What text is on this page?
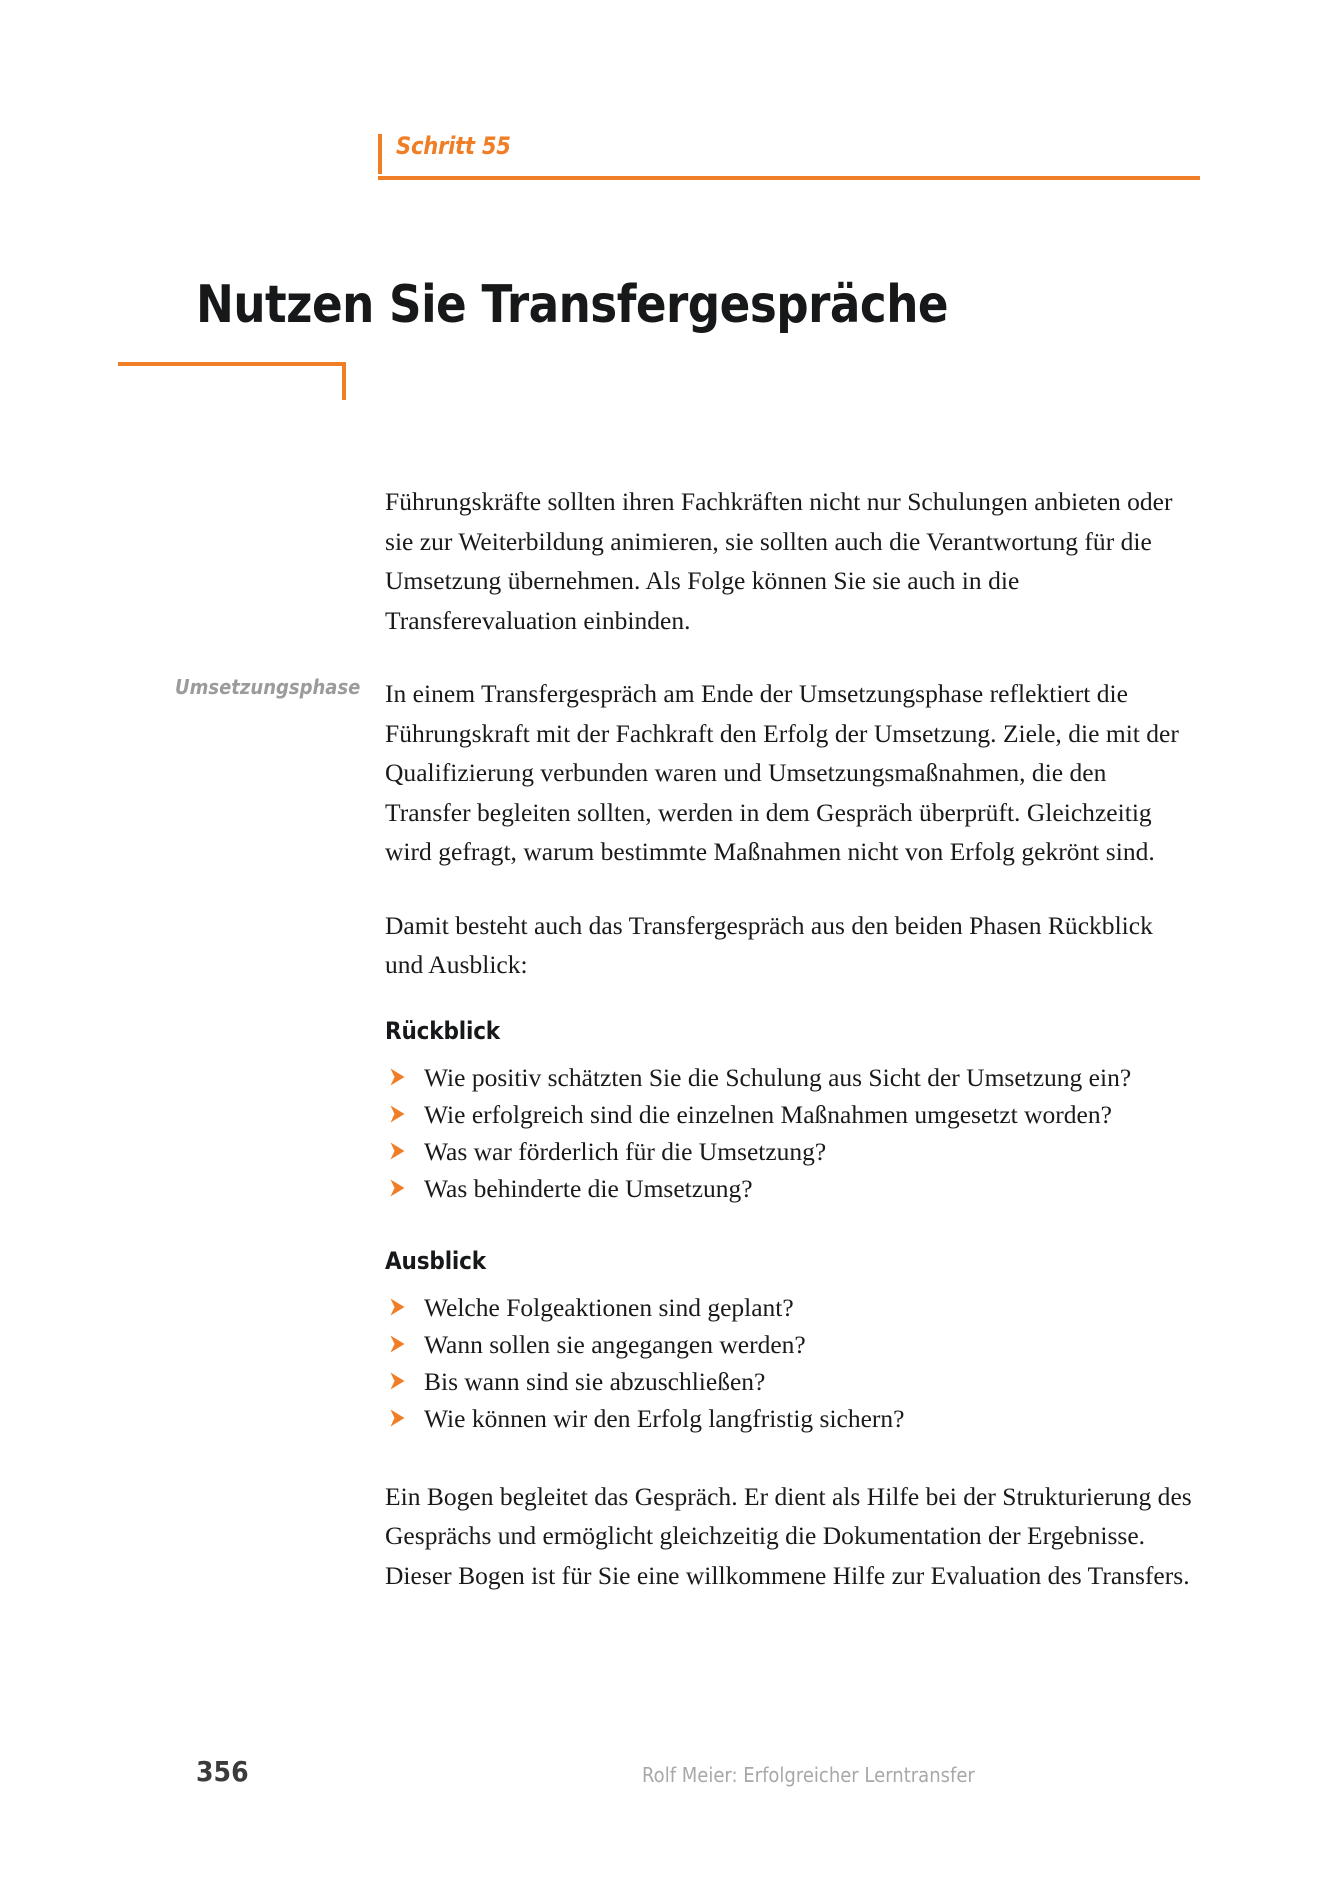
Schritt 55
Nutzen Sie Transfergespräche
Umsetzungsphase

Führungskräfte sollten ihren Fachkräften nicht nur Schulungen anbieten oder sie zur Weiterbildung animieren, sie sollten auch die Verantwortung für die Umsetzung übernehmen. Als Folge können Sie sie auch in die Transferevaluation einbinden.

In einem Transfergespräch am Ende der Umsetzungsphase reflektiert die Führungskraft mit der Fachkraft den Erfolg der Umsetzung. Ziele, die mit der Qualifizierung verbunden waren und Umsetzungsmaßnahmen, die den Transfer begleiten sollten, werden in dem Gespräch überprüft. Gleichzeitig wird gefragt, warum bestimmte Maßnahmen nicht von Erfolg gekrönt sind.

Damit besteht auch das Transfergespräch aus den beiden Phasen Rückblick und Ausblick:

Rückblick
Wie positiv schätzten Sie die Schulung aus Sicht der Umsetzung ein?
Wie erfolgreich sind die einzelnen Maßnahmen umgesetzt worden?
Was war förderlich für die Umsetzung?
Was behinderte die Umsetzung?
Ausblick
Welche Folgeaktionen sind geplant?
Wann sollen sie angegangen werden?
Bis wann sind sie abzuschließen?
Wie können wir den Erfolg langfristig sichern?

Ein Bogen begleitet das Gespräch. Er dient als Hilfe bei der Strukturierung des Gesprächs und ermöglicht gleichzeitig die Dokumentation der Ergebnisse. Dieser Bogen ist für Sie eine willkommene Hilfe zur Evaluation des Transfers.

356	Rolf Meier: Erfolgreicher Lerntransfer
